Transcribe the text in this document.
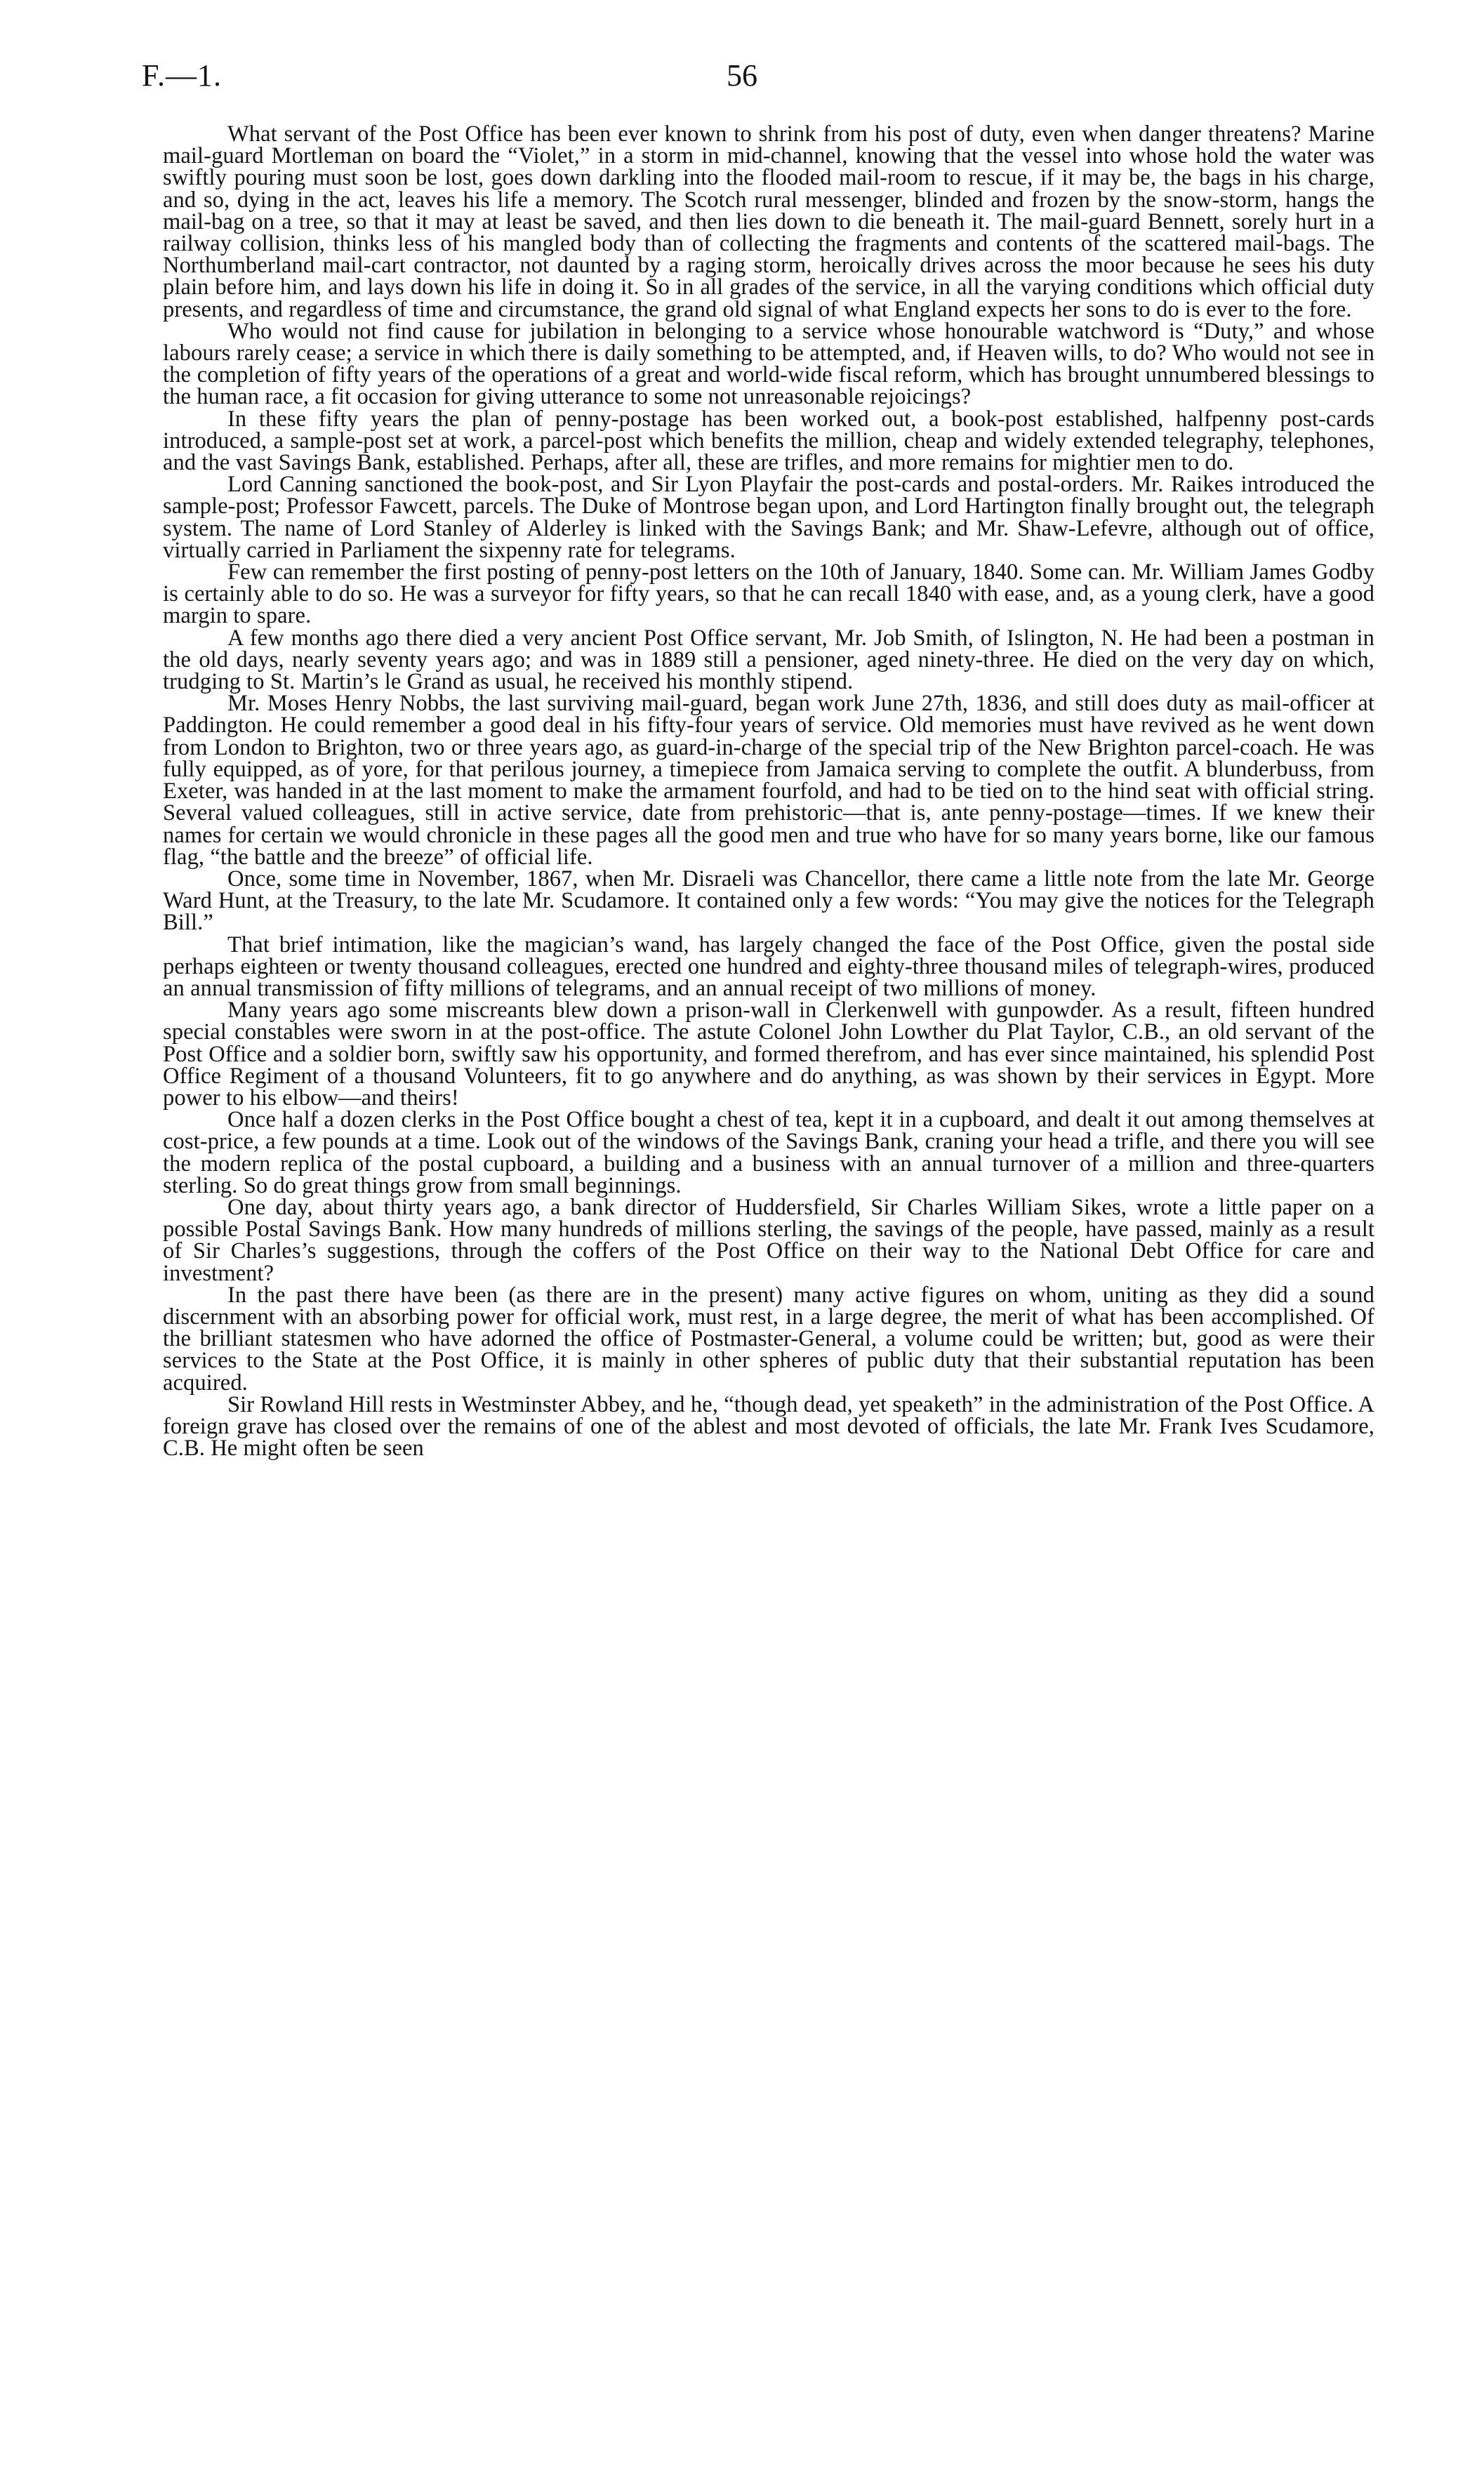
F.—1.	56

What servant of the Post Office has been ever known to shrink from his post of duty, even when danger threatens? Marine mail-guard Mortleman on board the “Violet,” in a storm in mid-channel, knowing that the vessel into whose hold the water was swiftly pouring must soon be lost, goes down darkling into the flooded mail-room to rescue, if it may be, the bags in his charge, and so, dying in the act, leaves his life a memory. The Scotch rural messenger, blinded and frozen by the snow-storm, hangs the mail-bag on a tree, so that it may at least be saved, and then lies down to die beneath it. The mail-guard Bennett, sorely hurt in a railway collision, thinks less of his mangled body than of collecting the fragments and contents of the scattered mail-bags. The Northumberland mail-cart contractor, not daunted by a raging storm, heroically drives across the moor because he sees his duty plain before him, and lays down his life in doing it. So in all grades of the service, in all the varying conditions which official duty presents, and regardless of time and circumstance, the grand old signal of what England expects her sons to do is ever to the fore.

Who would not find cause for jubilation in belonging to a service whose honourable watchword is “Duty,” and whose labours rarely cease; a service in which there is daily something to be attempted, and, if Heaven wills, to do? Who would not see in the completion of fifty years of the operations of a great and world-wide fiscal reform, which has brought unnumbered blessings to the human race, a fit occasion for giving utterance to some not unreasonable rejoicings?

In these fifty years the plan of penny-postage has been worked out, a book-post established, halfpenny post-cards introduced, a sample-post set at work, a parcel-post which benefits the million, cheap and widely extended telegraphy, telephones, and the vast Savings Bank, established. Perhaps, after all, these are trifles, and more remains for mightier men to do.

Lord Canning sanctioned the book-post, and Sir Lyon Playfair the post-cards and postal-orders. Mr. Raikes introduced the sample-post; Professor Fawcett, parcels. The Duke of Montrose began upon, and Lord Hartington finally brought out, the telegraph system. The name of Lord Stanley of Alderley is linked with the Savings Bank; and Mr. Shaw-Lefevre, although out of office, virtually carried in Parliament the sixpenny rate for telegrams.

Few can remember the first posting of penny-post letters on the 10th of January, 1840. Some can. Mr. William James Godby is certainly able to do so. He was a surveyor for fifty years, so that he can recall 1840 with ease, and, as a young clerk, have a good margin to spare.

A few months ago there died a very ancient Post Office servant, Mr. Job Smith, of Islington, N. He had been a postman in the old days, nearly seventy years ago; and was in 1889 still a pensioner, aged ninety-three. He died on the very day on which, trudging to St. Martin’s le Grand as usual, he received his monthly stipend.

Mr. Moses Henry Nobbs, the last surviving mail-guard, began work June 27th, 1836, and still does duty as mail-officer at Paddington. He could remember a good deal in his fifty-four years of service. Old memories must have revived as he went down from London to Brighton, two or three years ago, as guard-in-charge of the special trip of the New Brighton parcel-coach. He was fully equipped, as of yore, for that perilous journey, a timepiece from Jamaica serving to complete the outfit. A blunderbuss, from Exeter, was handed in at the last moment to make the armament fourfold, and had to be tied on to the hind seat with official string. Several valued colleagues, still in active service, date from prehistoric—that is, ante penny-postage—times. If we knew their names for certain we would chronicle in these pages all the good men and true who have for so many years borne, like our famous flag, “the battle and the breeze” of official life.

Once, some time in November, 1867, when Mr. Disraeli was Chancellor, there came a little note from the late Mr. George Ward Hunt, at the Treasury, to the late Mr. Scudamore. It contained only a few words: “You may give the notices for the Telegraph Bill.”

That brief intimation, like the magician’s wand, has largely changed the face of the Post Office, given the postal side perhaps eighteen or twenty thousand colleagues, erected one hundred and eighty-three thousand miles of telegraph-wires, produced an annual transmission of fifty millions of telegrams, and an annual receipt of two millions of money.

Many years ago some miscreants blew down a prison-wall in Clerkenwell with gunpowder. As a result, fifteen hundred special constables were sworn in at the post-office. The astute Colonel John Lowther du Plat Taylor, C.B., an old servant of the Post Office and a soldier born, swiftly saw his opportunity, and formed therefrom, and has ever since maintained, his splendid Post Office Regiment of a thousand Volunteers, fit to go anywhere and do anything, as was shown by their services in Egypt. More power to his elbow—and theirs!

Once half a dozen clerks in the Post Office bought a chest of tea, kept it in a cupboard, and dealt it out among themselves at cost-price, a few pounds at a time. Look out of the windows of the Savings Bank, craning your head a trifle, and there you will see the modern replica of the postal cupboard, a building and a business with an annual turnover of a million and three-quarters sterling. So do great things grow from small beginnings.

One day, about thirty years ago, a bank director of Huddersfield, Sir Charles William Sikes, wrote a little paper on a possible Postal Savings Bank. How many hundreds of millions sterling, the savings of the people, have passed, mainly as a result of Sir Charles’s suggestions, through the coffers of the Post Office on their way to the National Debt Office for care and investment?

In the past there have been (as there are in the present) many active figures on whom, uniting as they did a sound discernment with an absorbing power for official work, must rest, in a large degree, the merit of what has been accomplished. Of the brilliant statesmen who have adorned the office of Postmaster-General, a volume could be written; but, good as were their services to the State at the Post Office, it is mainly in other spheres of public duty that their substantial reputation has been acquired.

Sir Rowland Hill rests in Westminster Abbey, and he, “though dead, yet speaketh” in the administration of the Post Office. A foreign grave has closed over the remains of one of the ablest and most devoted of officials, the late Mr. Frank Ives Scudamore, C.B. He might often be seen
